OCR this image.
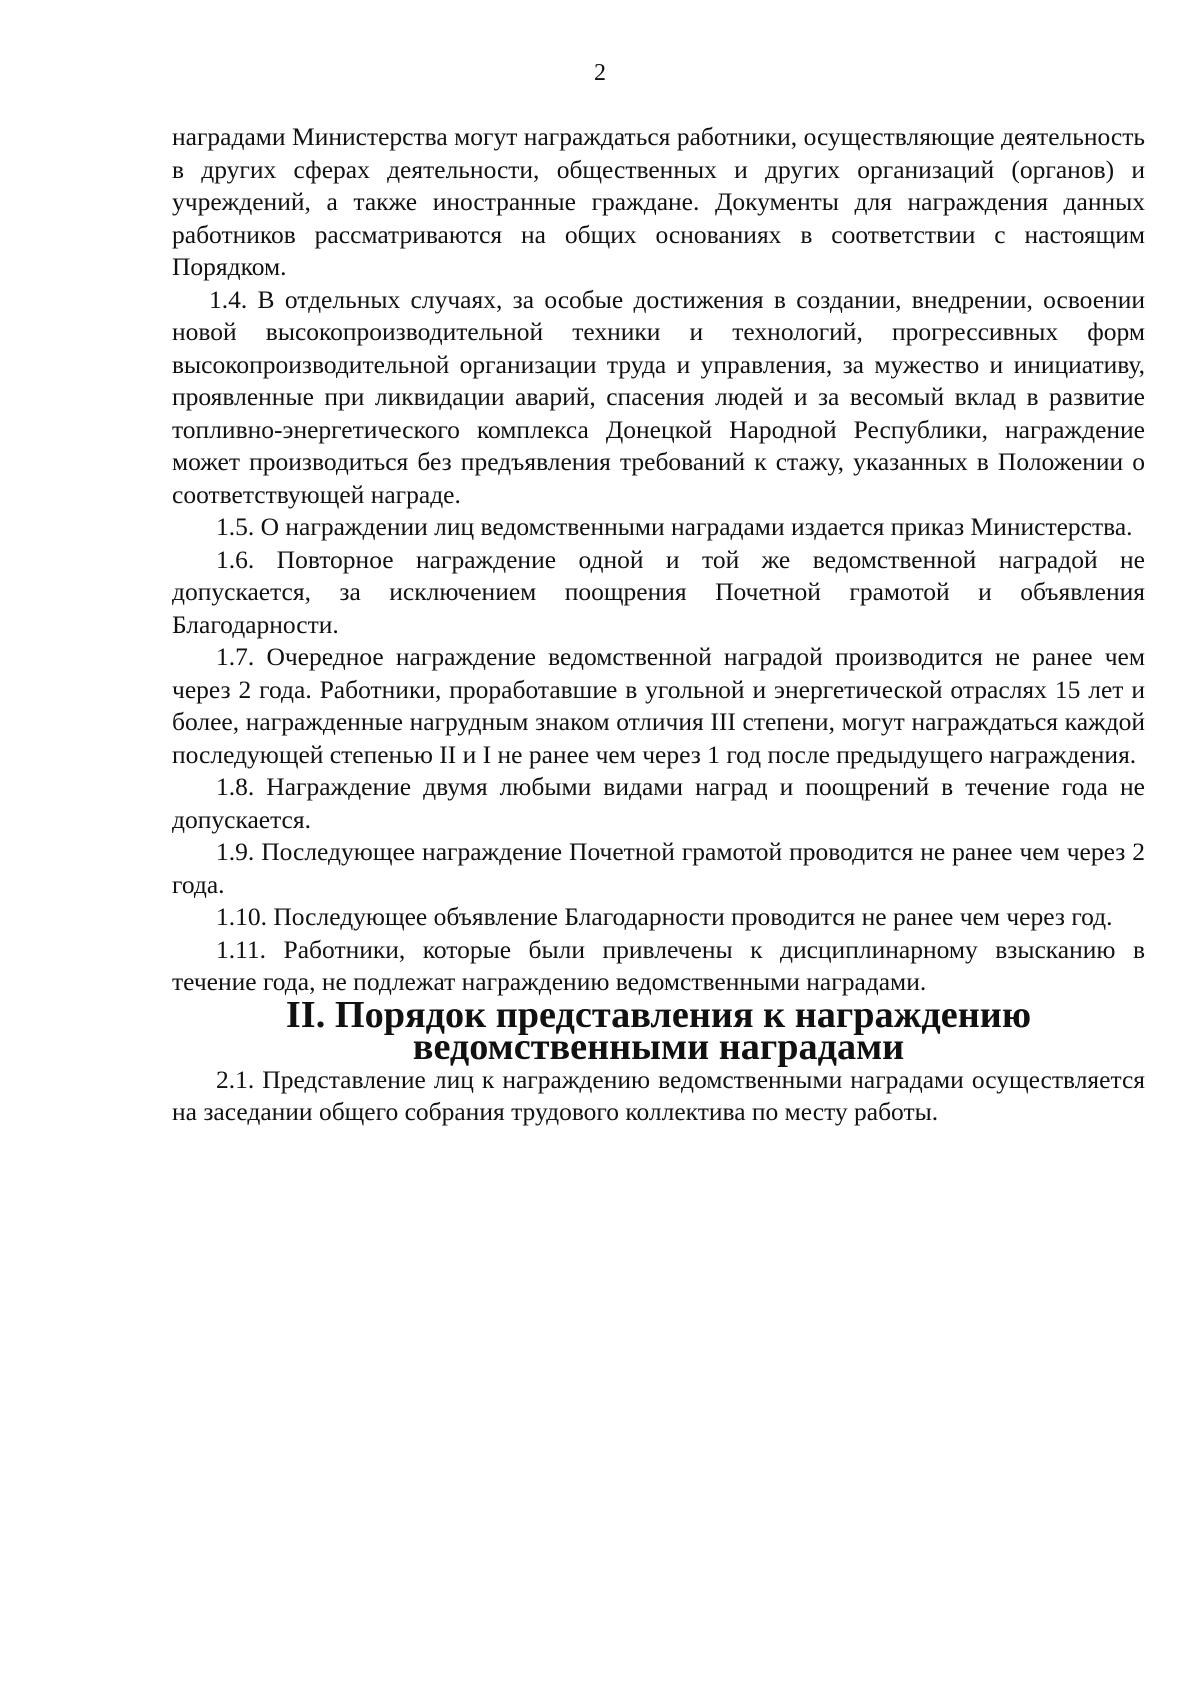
2

наградами Министерства могут награждаться работники, осуществляющие деятельность в других сферах деятельности, общественных и других организаций (органов) и учреждений, а также иностранные граждане. Документы для награждения данных работников рассматриваются на общих основаниях в соответствии с настоящим Порядком.

1.4. В отдельных случаях, за особые достижения в создании, внедрении, освоении новой высокопроизводительной техники и технологий, прогрессивных форм высокопроизводительной организации труда и управления, за мужество и инициативу, проявленные при ликвидации аварий, спасения людей и за весомый вклад в развитие топливно-энергетического комплекса Донецкой Народной Республики, награждение может производиться без предъявления требований к стажу, указанных в Положении о соответствующей награде.

1.5. О награждении лиц ведомственными наградами издается приказ Министерства.

1.6. Повторное награждение одной и той же ведомственной наградой не допускается, за исключением поощрения Почетной грамотой и объявления Благодарности.

1.7. Очередное награждение ведомственной наградой производится не ранее чем через 2 года. Работники, проработавшие в угольной и энергетической отраслях 15 лет и более, награжденные нагрудным знаком отличия III степени, могут награждаться каждой последующей степенью II и I не ранее чем через 1 год после предыдущего награждения.

1.8. Награждение двумя любыми видами наград и поощрений в течение года не допускается.

1.9. Последующее награждение Почетной грамотой проводится не ранее чем через 2 года.

1.10. Последующее объявление Благодарности проводится не ранее чем через год.

1.11. Работники, которые были привлечены к дисциплинарному взысканию в течение года, не подлежат награждению ведомственными наградами.

II. Порядок представления к награждению
ведомственными наградами

2.1. Представление лиц к награждению ведомственными наградами осуществляется на заседании общего собрания трудового коллектива по месту работы.
